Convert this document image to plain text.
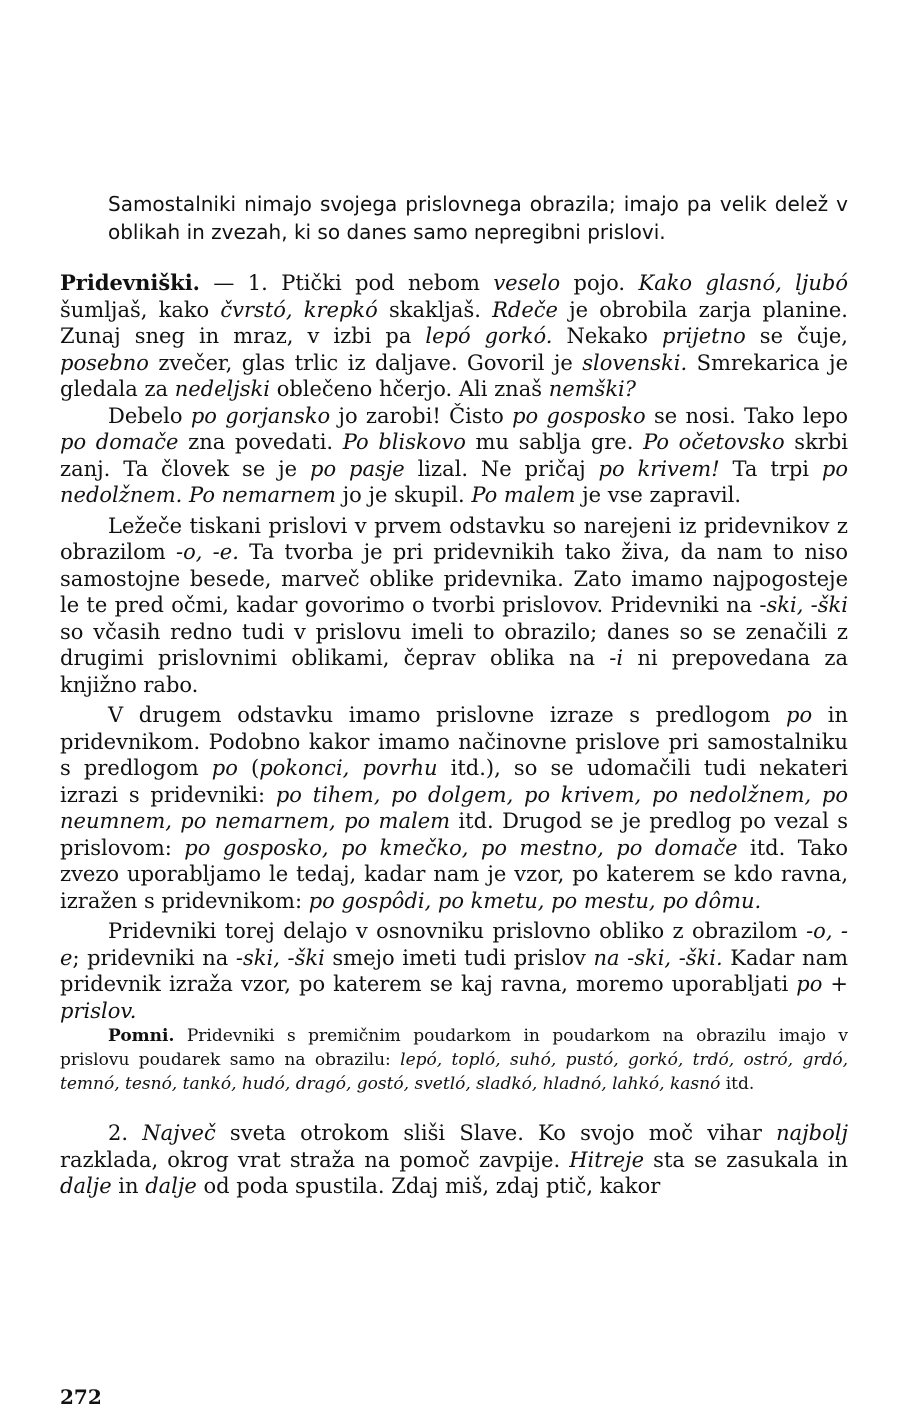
Samostalniki nimajo svojega prislovnega obrazila; imajo pa velik delež v oblikah in zvezah, ki so danes samo nepregibni prislovi.

Pridevniški. — 1. Ptički pod nebom veselo pojo. Kako glasnó, ljubó šumljaš, kako čvrstó, krepkó skakljaš. Rdeče je obrobila zarja planine. Zunaj sneg in mraz, v izbi pa lepó gorkó. Nekako prijetno se čuje, posebno zvečer, glas trlic iz daljave. Govoril je slovenski. Smrekarica je gledala za nedeljski oblečeno hčerjo. Ali znaš nemški?

Debelo po gorjansko jo zarobi! Čisto po gosposko se nosi. Tako lepo po domače zna povedati. Po bliskovo mu sablja gre. Po očetovsko skrbi zanj. Ta človek se je po pasje lizal. Ne pričaj po krivem! Ta trpi po nedolžnem. Po nemarnem jo je skupil. Po malem je vse zapravil.

Ležeče tiskani prislovi v prvem odstavku so narejeni iz pridevnikov z obrazilom -o, -e. Ta tvorba je pri pridevnikih tako živa, da nam to niso samostojne besede, marveč oblike pridevnika. Zato imamo najpogosteje le te pred očmi, kadar govorimo o tvorbi prislovov. Pridevniki na -ski, -ški so včasih redno tudi v prislovu imeli to obrazilo; danes so se zenačili z drugimi prislovnimi oblikami, čeprav oblika na -i ni prepovedana za knjižno rabo.

V drugem odstavku imamo prislovne izraze s predlogom po in pridevnikom. Podobno kakor imamo načinovne prislove pri samostalniku s predlogom po (pokonci, povrhu itd.), so se udomačili tudi nekateri izrazi s pridevniki: po tihem, po dolgem, po krivem, po nedolžnem, po neumnem, po nemarnem, po malem itd. Drugod se je predlog po vezal s prislovom: po gosposko, po kmečko, po mestno, po domače itd. Tako zvezo uporabljamo le tedaj, kadar nam je vzor, po katerem se kdo ravna, izražen s pridevnikom: po gospôdi, po kmetu, po mestu, po dômu.

Pridevniki torej delajo v osnovniku prislovno obliko z obrazilom -o, -e; pridevniki na -ski, -ški smejo imeti tudi prislov na -ski, -ški. Kadar nam pridevnik izraža vzor, po katerem se kaj ravna, moremo uporabljati po + prislov.

Pomni. Pridevniki s premičnim poudarkom in poudarkom na obrazilu imajo v prislovu poudarek samo na obrazilu: lepó, topló, suhó, pustó, gorkó, trdó, ostró, grdó, temnó, tesnó, tankó, hudó, dragó, gostó, svetló, sladkó, hladnó, lahkó, kasnó itd.

2. Največ sveta otrokom sliši Slave. Ko svojo moč vihar najbolj razklada, okrog vrat straža na pomoč zavpije. Hitreje sta se zasukala in dalje in dalje od poda spustila. Zdaj miš, zdaj ptič, kakor

272
